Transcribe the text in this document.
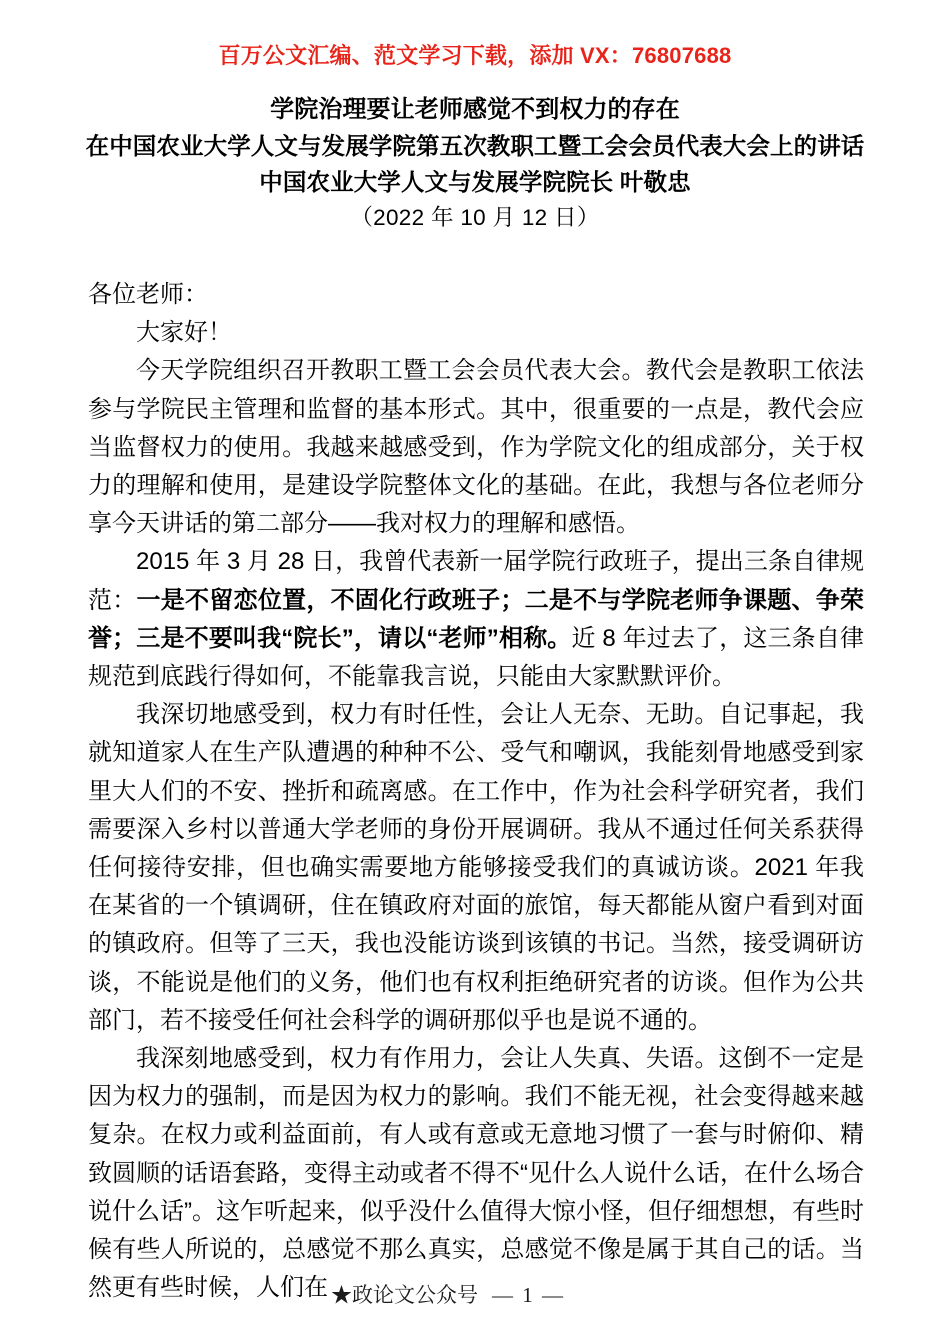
百万公文汇编、范文学习下载，添加 VX：76807688
学院治理要让老师感觉不到权力的存在
在中国农业大学人文与发展学院第五次教职工暨工会会员代表大会上的讲话
中国农业大学人文与发展学院院长 叶敬忠
（2022 年 10 月 12 日）

各位老师：

大家好！

今天学院组织召开教职工暨工会会员代表大会。教代会是教职工依法参与学院民主管理和监督的基本形式。其中，很重要的一点是，教代会应当监督权力的使用。我越来越感受到，作为学院文化的组成部分，关于权力的理解和使用，是建设学院整体文化的基础。在此，我想与各位老师分享今天讲话的第二部分——我对权力的理解和感悟。

2015 年 3 月 28 日，我曾代表新一届学院行政班子，提出三条自律规范：一是不留恋位置，不固化行政班子；二是不与学院老师争课题、争荣誉；三是不要叫我“院长”，请以“老师”相称。近 8 年过去了，这三条自律规范到底践行得如何，不能靠我言说，只能由大家默默评价。

我深切地感受到，权力有时任性，会让人无奈、无助。自记事起，我就知道家人在生产队遭遇的种种不公、受气和嘲讽，我能刻骨地感受到家里大人们的不安、挫折和疏离感。在工作中，作为社会科学研究者，我们需要深入乡村以普通大学老师的身份开展调研。我从不通过任何关系获得任何接待安排，但也确实需要地方能够接受我们的真诚访谈。2021 年我在某省的一个镇调研，住在镇政府对面的旅馆，每天都能从窗户看到对面的镇政府。但等了三天，我也没能访谈到该镇的书记。当然，接受调研访谈，不能说是他们的义务，他们也有权利拒绝研究者的访谈。但作为公共部门，若不接受任何社会科学的调研那似乎也是说不通的。

我深刻地感受到，权力有作用力，会让人失真、失语。这倒不一定是因为权力的强制，而是因为权力的影响。我们不能无视，社会变得越来越复杂。在权力或利益面前，有人或有意或无意地习惯了一套与时俯仰、精致圆顺的话语套路，变得主动或者不得不“见什么人说什么话，在什么场合说什么话”。这乍听起来，似乎没什么值得大惊小怪，但仔细想想，有些时候有些人所说的，总感觉不那么真实，总感觉不像是属于其自己的话。当然更有些时候，人们在 ★政论文公众号 — 1 —
